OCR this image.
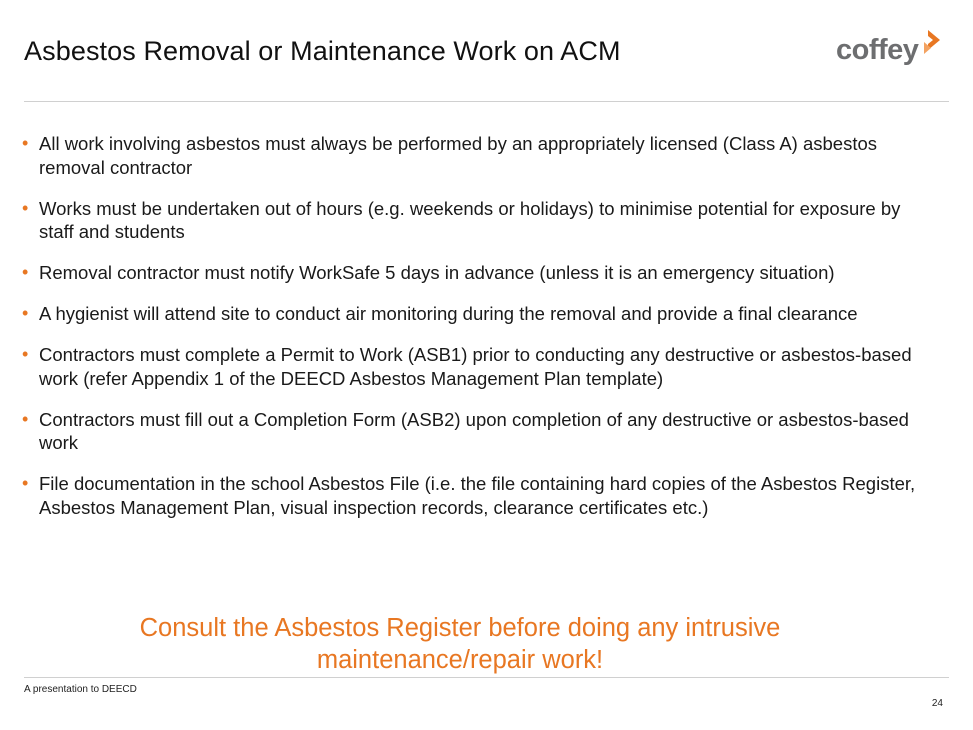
Asbestos Removal or Maintenance Work on ACM	coffey
• All work involving asbestos must always be performed by an appropriately licensed (Class A) asbestos removal contractor
• Works must be undertaken out of hours (e.g. weekends or holidays) to minimise potential for exposure by staff and students
• Removal contractor must notify WorkSafe 5 days in advance (unless it is an emergency situation)
• A hygienist will attend site to conduct air monitoring during the removal and provide a final clearance
• Contractors must complete a Permit to Work (ASB1) prior to conducting any destructive or asbestos-based work (refer Appendix 1 of the DEECD Asbestos Management Plan template)
• Contractors must fill out a Completion Form (ASB2) upon completion of any destructive or asbestos-based work
• File documentation in the school Asbestos File (i.e. the file containing hard copies of the Asbestos Register, Asbestos Management Plan, visual inspection records, clearance certificates etc.)
Consult the Asbestos Register before doing any intrusive maintenance/repair work!
A presentation to DEECD
24
